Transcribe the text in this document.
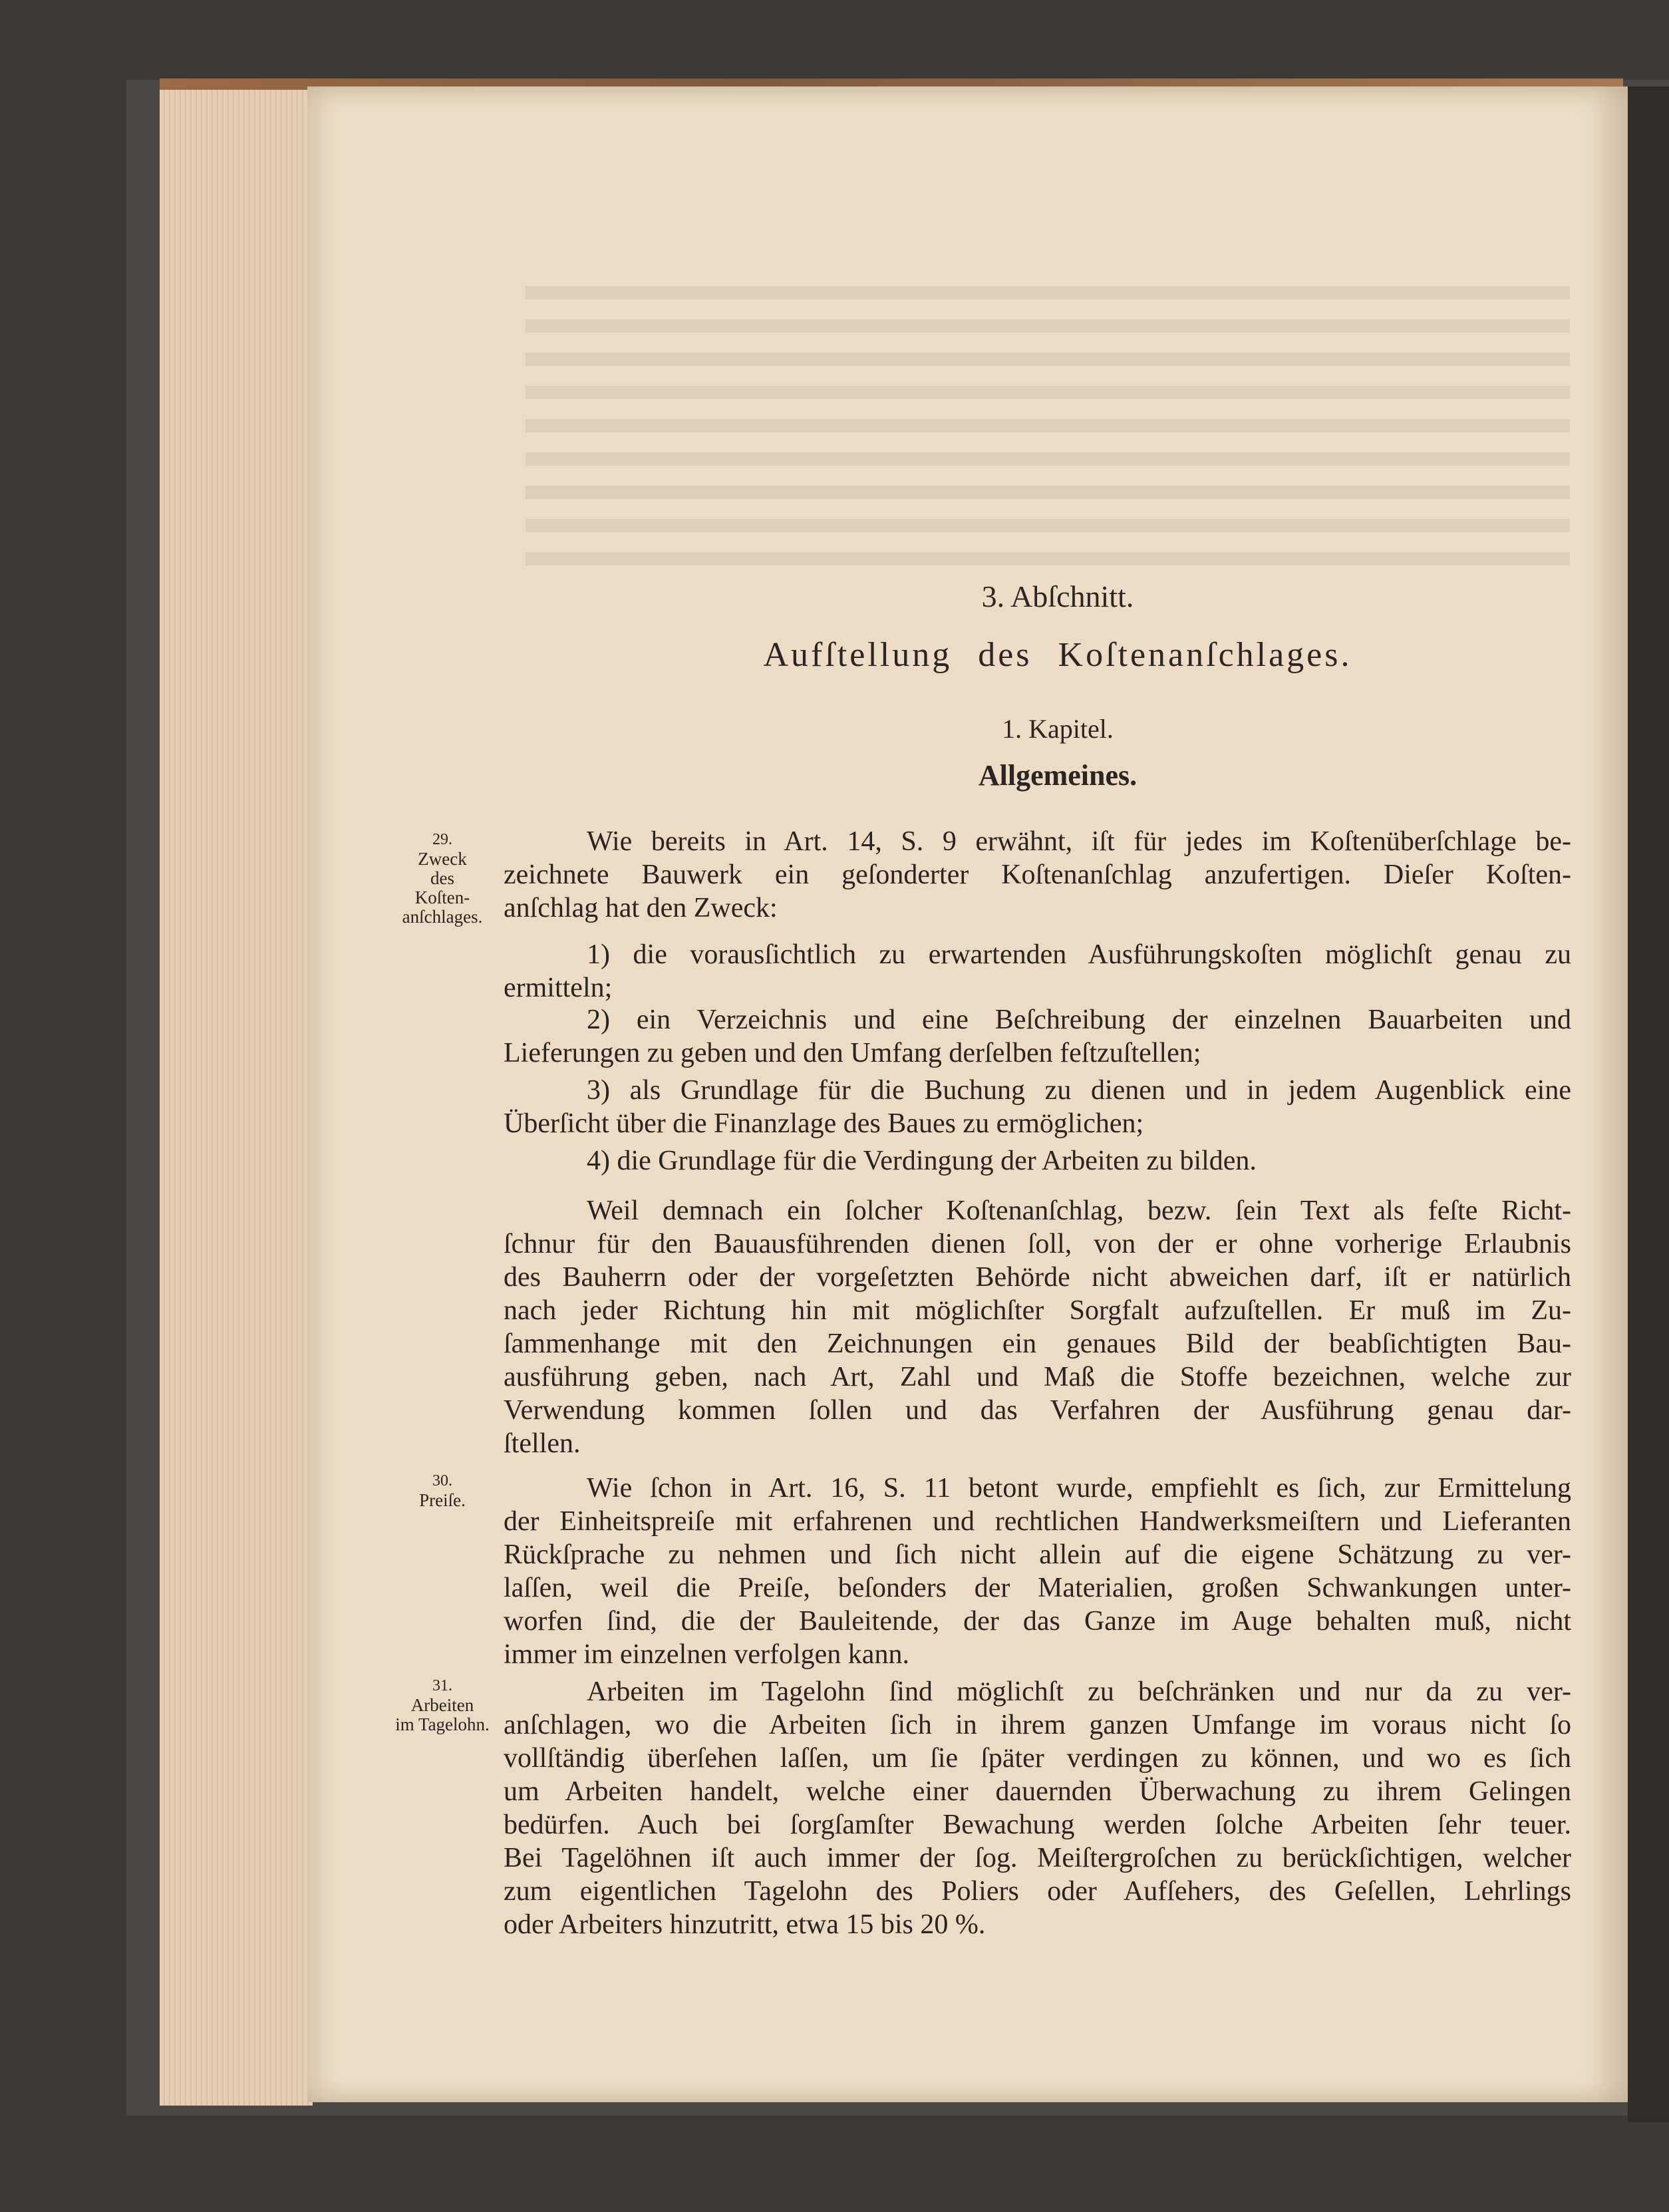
3. Abſchnitt.
Aufſtellung des Koſtenanſchlages.
1. Kapitel.
Allgemeines.
29.
Zweck
des
Koſten-
anſchlages.
30.
Preiſe.
31.
Arbeiten
im Tagelohn.
Wie bereits in Art. 14, S. 9 erwähnt, iſt für jedes im Koſtenüberſchlage be-
zeichnete Bauwerk ein geſonderter Koſtenanſchlag anzufertigen. Dieſer Koſten-
anſchlag hat den Zweck:
1) die vorausſichtlich zu erwartenden Ausführungskoſten möglichſt genau zu
ermitteln;
2) ein Verzeichnis und eine Beſchreibung der einzelnen Bauarbeiten und
Lieferungen zu geben und den Umfang derſelben feſtzuſtellen;
3) als Grundlage für die Buchung zu dienen und in jedem Augenblick eine
Überſicht über die Finanzlage des Baues zu ermöglichen;
4) die Grundlage für die Verdingung der Arbeiten zu bilden.
Weil demnach ein ſolcher Koſtenanſchlag, bezw. ſein Text als feſte Richt-
ſchnur für den Bauausführenden dienen ſoll, von der er ohne vorherige Erlaubnis
des Bauherrn oder der vorgeſetzten Behörde nicht abweichen darf, iſt er natürlich
nach jeder Richtung hin mit möglichſter Sorgfalt aufzuſtellen. Er muß im Zu-
ſammenhange mit den Zeichnungen ein genaues Bild der beabſichtigten Bau-
ausführung geben, nach Art, Zahl und Maß die Stoffe bezeichnen, welche zur
Verwendung kommen ſollen und das Verfahren der Ausführung genau dar-
ſtellen.
Wie ſchon in Art. 16, S. 11 betont wurde, empfiehlt es ſich, zur Ermittelung
der Einheitspreiſe mit erfahrenen und rechtlichen Handwerksmeiſtern und Lieferanten
Rückſprache zu nehmen und ſich nicht allein auf die eigene Schätzung zu ver-
laſſen, weil die Preiſe, beſonders der Materialien, großen Schwankungen unter-
worfen ſind, die der Bauleitende, der das Ganze im Auge behalten muß, nicht
immer im einzelnen verfolgen kann.
Arbeiten im Tagelohn ſind möglichſt zu beſchränken und nur da zu ver-
anſchlagen, wo die Arbeiten ſich in ihrem ganzen Umfange im voraus nicht ſo
vollſtändig überſehen laſſen, um ſie ſpäter verdingen zu können, und wo es ſich
um Arbeiten handelt, welche einer dauernden Überwachung zu ihrem Gelingen
bedürfen. Auch bei ſorgſamſter Bewachung werden ſolche Arbeiten ſehr teuer.
Bei Tagelöhnen iſt auch immer der ſog. Meiſtergroſchen zu berückſichtigen, welcher
zum eigentlichen Tagelohn des Poliers oder Aufſehers, des Geſellen, Lehrlings
oder Arbeiters hinzutritt, etwa 15 bis 20 %.
